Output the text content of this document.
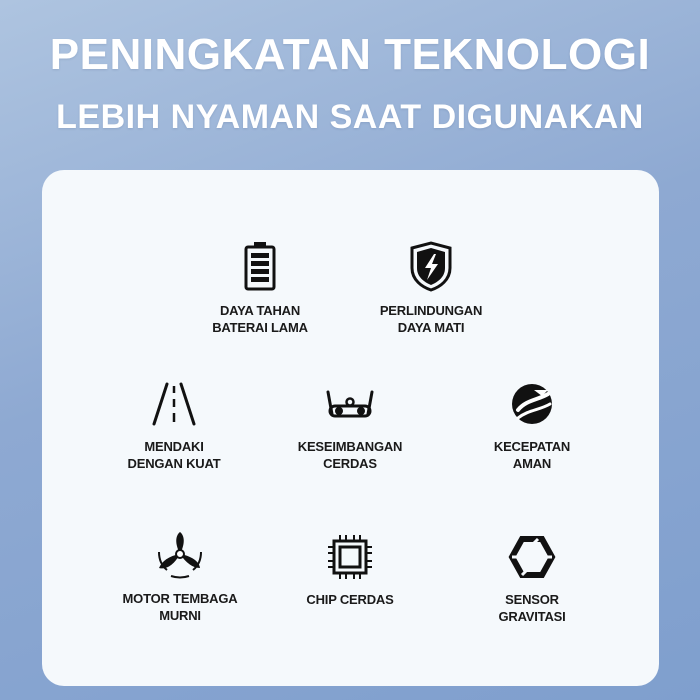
PENINGKATAN TEKNOLOGI
LEBIH NYAMAN SAAT DIGUNAKAN
DAYA TAHAN
BATERAI LAMA
PERLINDUNGAN
DAYA MATI
MENDAKI
DENGAN KUAT
KESEIMBANGAN
CERDAS
KECEPATAN
AMAN
MOTOR TEMBAGA
MURNI
CHIP CERDAS	SENSOR
GRAVITASI
